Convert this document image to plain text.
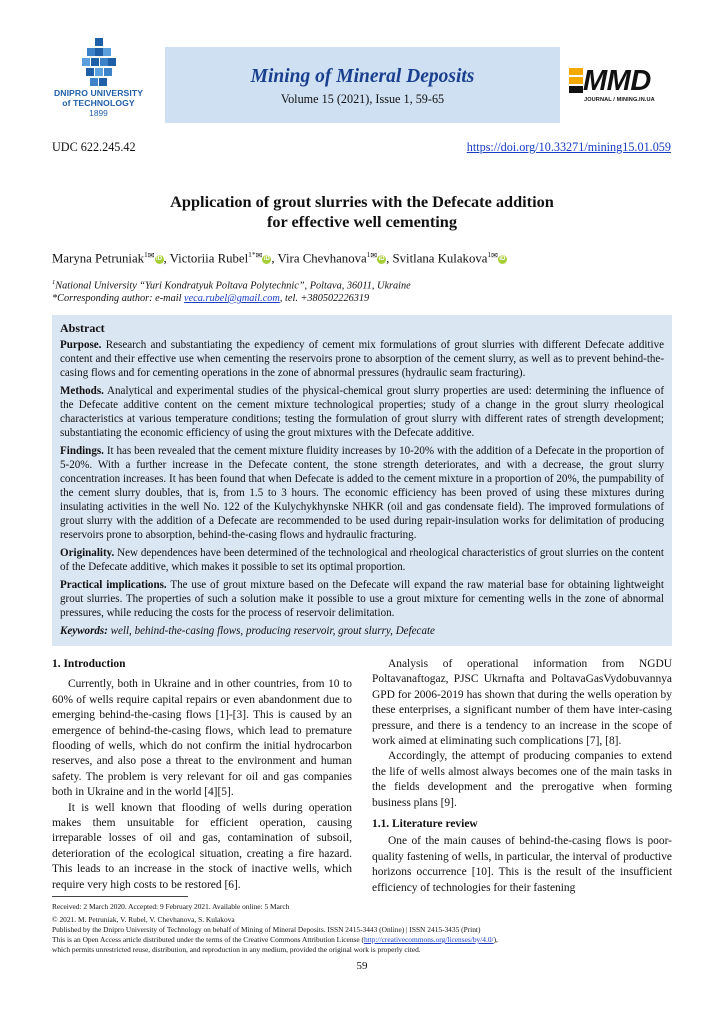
DNIPRO UNIVERSITY
of TECHNOLOGY
1899
Mining of Mineral Deposits
Volume 15 (2021), Issue 1, 59-65
MMD
JOURNAL / MINING.IN.UA
UDC 622.245.42	https://doi.org/10.33271/mining15.01.059
Application of grout slurries with the Defecate addition
for effective well cementing
Maryna Petruniak$^1$✉ iD , Victoriia Rubel$^{1*}$✉ iD , Vira Chevhanova$^1$✉ iD , Svitlana Kulakova$^1$✉ iD
$^1$National University “Yuri Kondratyuk Poltava Polytechnic”, Poltava, 36011, Ukraine
*Corresponding author: e-mail veca.rubel@gmail.com, tel. +380502226319
Abstract

Purpose. Research and substantiating the expediency of cement mix formulations of grout slurries with different Defecate additive content and their effective use when cementing the reservoirs prone to absorption of the cement slurry, as well as to prevent behind-the-casing flows and for cementing operations in the zone of abnormal pressures (hydraulic seam fracturing).

Methods. Analytical and experimental studies of the physical-chemical grout slurry properties are used: determining the influence of the Defecate additive content on the cement mixture technological properties; study of a change in the grout slurry rheological characteristics at various temperature conditions; testing the formulation of grout slurry with different rates of strength development; substantiating the economic efficiency of using the grout mixtures with the Defecate additive.

Findings. It has been revealed that the cement mixture fluidity increases by 10-20% with the addition of a Defecate in the proportion of 5-20%. With a further increase in the Defecate content, the stone strength deteriorates, and with a decrease, the grout slurry concentration increases. It has been found that when Defecate is added to the cement mixture in a proportion of 20%, the pumpability of the cement slurry doubles, that is, from 1.5 to 3 hours. The economic efficiency has been proved of using these mixtures during insulating activities in the well No. 122 of the Kulychykhynske NHKR (oil and gas condensate field). The improved formulations of grout slurry with the addition of a Defecate are recommended to be used during repair-insulation works for delimitation of producing reservoirs prone to absorption, behind-the-casing flows and hydraulic fracturing.

Originality. New dependences have been determined of the technological and rheological characteristics of grout slurries on the content of the Defecate additive, which makes it possible to set its optimal proportion.

Practical implications. The use of grout mixture based on the Defecate will expand the raw material base for obtaining lightweight grout slurries. The properties of such a solution make it possible to use a grout mixture for cementing wells in the zone of abnormal pressures, while reducing the costs for the process of reservoir delimitation.

Keywords: well, behind-the-casing flows, producing reservoir, grout slurry, Defecate

1. Introduction

Currently, both in Ukraine and in other countries, from 10 to 60% of wells require capital repairs or even abandonment due to emerging behind-the-casing flows [1]-[3]. This is caused by an emergence of behind-the-casing flows, which lead to premature flooding of wells, which do not confirm the initial hydrocarbon reserves, and also pose a threat to the environment and human safety. The problem is very relevant for oil and gas companies both in Ukraine and in the world [4][5].

It is well known that flooding of wells during operation makes them unsuitable for efficient operation, causing irreparable losses of oil and gas, contamination of subsoil, deterioration of the ecological situation, creating a fire hazard. This leads to an increase in the stock of inactive wells, which require very high costs to be restored [6].

Analysis of operational information from NGDU Poltavanaftogaz, PJSC Ukrnafta and PoltavaGasVydobuvannya GPD for 2006-2019 has shown that during the wells operation by these enterprises, a significant number of them have inter-casing pressure, and there is a tendency to an increase in the scope of work aimed at eliminating such complications [7], [8].

Accordingly, the attempt of producing companies to extend the life of wells almost always becomes one of the main tasks in the fields development and the prerogative when forming business plans [9].

1.1. Literature review

One of the main causes of behind-the-casing flows is poor-quality fastening of wells, in particular, the interval of productive horizons occurrence [10]. This is the result of the insufficient efficiency of technologies for their fastening

Received: 2 March 2020. Accepted: 9 February 2021. Available online: 5 March
© 2021. M. Petruniak, V. Rubel, V. Chevhanova, S. Kulakova
Published by the Dnipro University of Technology on behalf of Mining of Mineral Deposits. ISSN 2415-3443 (Online) | ISSN 2415-3435 (Print)
This is an Open Access article distributed under the terms of the Creative Commons Attribution License (http://creativecommons.org/licenses/by/4.0/),
which permits unrestricted reuse, distribution, and reproduction in any medium, provided the original work is properly cited.
59
